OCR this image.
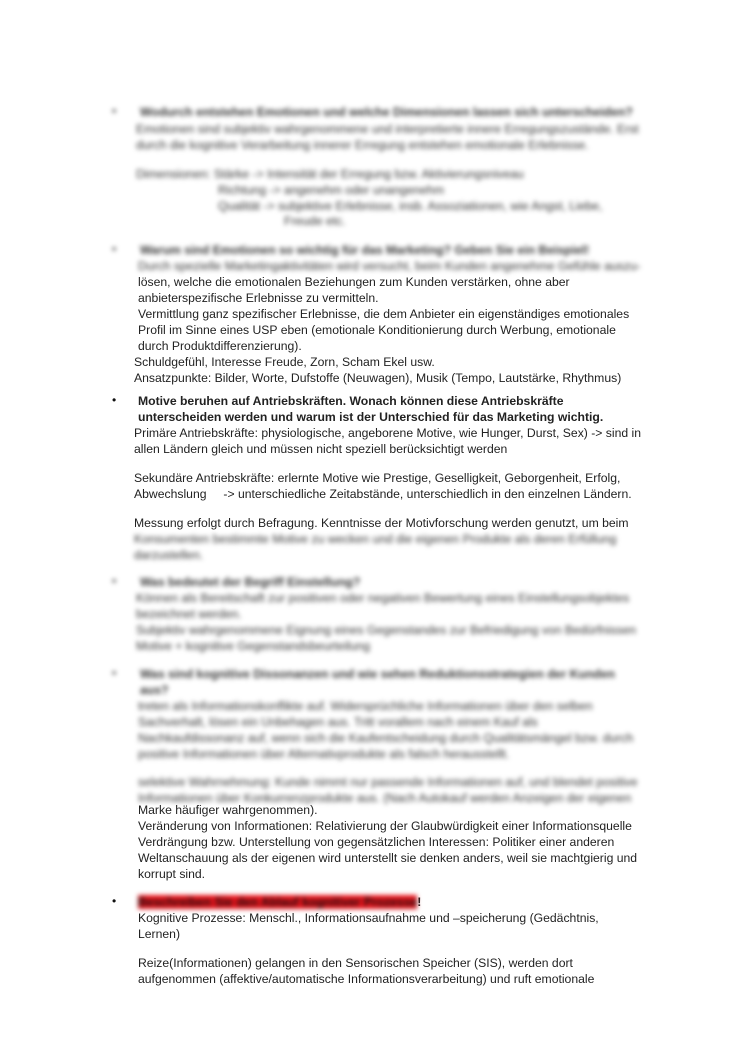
• Wodurch entstehen Emotionen und welche Dimensionen lassen sich unterscheiden?
Emotionen sind subjektiv wahrgenommene und interpretierte innere Erregungszustände. Erst
durch die kognitive Verarbeitung innerer Erregung entstehen emotionale Erlebnisse.
Dimensionen: Stärke -> Intensität der Erregung bzw. Aktivierungsniveau
Richtung -> angenehm oder unangenehm
Qualität -> subjektive Erlebnisse, insb. Assoziationen, wie Angst, Liebe,
Freude etc.
• Warum sind Emotionen so wichtig für das Marketing? Geben Sie ein Beispiel!
Durch spezielle Marketingaktivitäten wird versucht, beim Kunden angenehme Gefühle auszu-
lösen, welche die emotionalen Beziehungen zum Kunden verstärken, ohne aber
anbieterspezifische Erlebnisse zu vermitteln.
Vermittlung ganz spezifischer Erlebnisse, die dem Anbieter ein eigenständiges emotionales
Profil im Sinne eines USP eben (emotionale Konditionierung durch Werbung, emotionale
durch Produktdifferenzierung).
Schuldgefühl, Interesse Freude, Zorn, Scham Ekel usw.
Ansatzpunkte: Bilder, Worte, Dufstoffe (Neuwagen), Musik (Tempo, Lautstärke, Rhythmus)
• Motive beruhen auf Antriebskräften. Wonach können diese Antriebskräfte
unterscheiden werden und warum ist der Unterschied für das Marketing wichtig.
Primäre Antriebskräfte: physiologische, angeborene Motive, wie Hunger, Durst, Sex) -> sind in
allen Ländern gleich und müssen nicht speziell berücksichtigt werden
Sekundäre Antriebskräfte: erlernte Motive wie Prestige, Geselligkeit, Geborgenheit, Erfolg,
Abwechslung     -> unterschiedliche Zeitabstände, unterschiedlich in den einzelnen Ländern.
Messung erfolgt durch Befragung. Kenntnisse der Motivforschung werden genutzt, um beim
Konsumenten bestimmte Motive zu wecken und die eigenen Produkte als deren Erfüllung
darzustellen.
• Was bedeutet der Begriff Einstellung?
Können als Bereitschaft zur positiven oder negativen Bewertung eines Einstellungsobjektes
bezeichnet werden.
Subjektiv wahrgenommene Eignung eines Gegenstandes zur Befriedigung von Bedürfnissen
Motive + kognitive Gegenstandsbeurteilung
• Was sind kognitive Dissonanzen und wie sehen Reduktionsstrategien der Kunden
aus?
treten als Informationskonflikte auf. Widersprüchliche Informationen über den selben
Sachverhalt, lösen ein Unbehagen aus. Tritt vorallem nach einem Kauf als
Nachkaufdissonanz auf, wenn sich die Kaufentscheidung durch Qualitätsmängel bzw. durch
positive Informationen über Alternativprodukte als falsch herausstellt.
selektive Wahrnehmung: Kunde nimmt nur passende Informationen auf, und blendet positive
Informationen über Konkurrenzprodukte aus. (Nach Autokauf werden Anzeigen der eigenen
Marke häufiger wahrgenommen).
Veränderung von Informationen: Relativierung der Glaubwürdigkeit einer Informationsquelle
Verdrängung bzw. Unterstellung von gegensätzlichen Interessen: Politiker einer anderen
Weltanschauung als der eigenen wird unterstellt sie denken anders, weil sie machtgierig und
korrupt sind.
• Beschreiben Sie den Ablauf kognitiver Prozesse!
Kognitive Prozesse: Menschl., Informationsaufnahme und –speicherung (Gedächtnis,
Lernen)
Reize(Informationen) gelangen in den Sensorischen Speicher (SIS), werden dort
aufgenommen (affektive/automatische Informationsverarbeitung) und ruft emotionale
